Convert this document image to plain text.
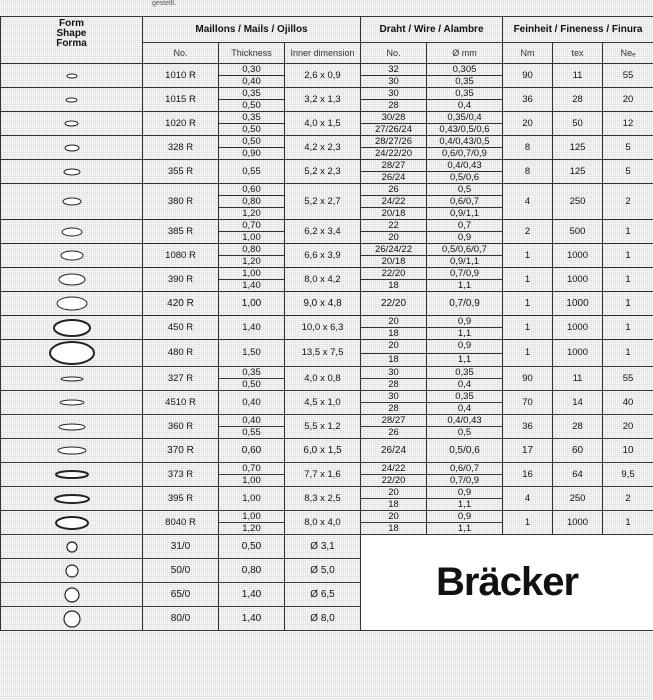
gestellt.
Form
Shape
Forma	Maillons / Mails / Ojillos			Draht / Wire / Alambre		Feinheit / Fineness / Finura		
	No.	Thickness	Inner dimension	No.	Ø mm	Nm	tex	Neₑ

	1010 R	0,30	2,6 x 0,9	32	0,305	90	11	55
		0,40		30	0,35			

	1015 R	0,35	3,2 x 1,3	30	0,35	36	28	20
		0,50		28	0,4			

	1020 R	0,35	4,0 x 1,5	30/28	0,35/0,4	20	50	12
		0,50		27/26/24	0,43/0,5/0,6			

	328 R	0,50	4,2 x 2,3	28/27/26	0,4/0,43/0,5	8	125	5
		0,90		24/22/20	0,6/0,7/0,9			

	355 R	0,55	5,2 x 2,3	28/27	0,4/0,43	8	125	5
				26/24	0,5/0,6			

	380 R	0,60	5,2 x 2,7	26	0,5	4	250	2
		0,80		24/22	0,6/0,7			
		1,20		20/18	0,9/1,1			

	385 R	0,70	6,2 x 3,4	22	0,7	2	500	1
		1,00		20	0,9			

	1080 R	0,80	6,6 x 3,9	26/24/22	0,5/0,6/0,7	1	1000	1
		1,20		20/18	0,9/1,1			

	390 R	1,00	8,0 x 4,2	22/20	0,7/0,9	1	1000	1
		1,40		18	1,1			

	420 R	1,00	9,0 x 4,8	22/20	0,7/0,9	1	1000	1

	450 R	1,40	10,0 x 6,3	20	0,9	1	1000	1
				18	1,1			

	480 R	1,50	13,5 x 7,5	20	0,9	1	1000	1
				18	1,1			

	327 R	0,35	4,0 x 0,8	30	0,35	90	11	55
		0,50		28	0,4			

	4510 R	0,40	4,5 x 1,0	30	0,35	70	14	40
				28	0,4			

	360 R	0,40	5,5 x 1,2	28/27	0,4/0,43	36	28	20
		0,55		26	0,5			

	370 R	0,60	6,0 x 1,5	26/24	0,5/0,6	17	60	10

	373 R	0,70	7,7 x 1,6	24/22	0,6/0,7	16	64	9,5
		1,00		22/20	0,7/0,9			

	395 R	1,00	8,3 x 2,5	20	0,9	4	250	2
				18	1,1			

	8040 R	1,00	8,0 x 4,0	20	0,9	1	1000	1
		1,20		18	1,1			

	31/0	0,50	Ø 3,1	Bräcker				

	50/0	0,80	Ø 5,0					

	65/0	1,40	Ø 6,5					

	80/0	1,40	Ø 8,0					
